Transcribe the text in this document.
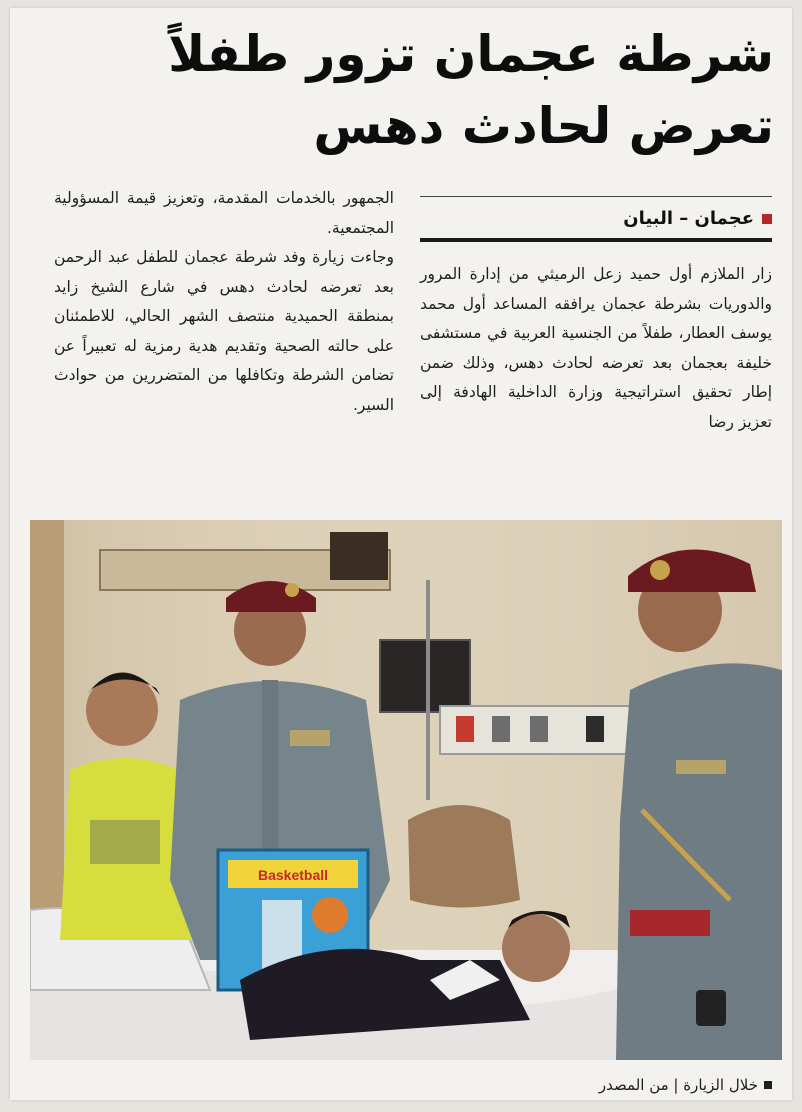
شرطة عجمان تزور طفلاً تعرض لحادث دهس
عجمان – البيان

زار الملازم أول حميد زعل الرميثي من إدارة المرور والدوريات بشرطة عجمان يرافقه المساعد أول محمد يوسف العطار، طفلاً من الجنسية العربية في مستشفى خليفة بعجمان بعد تعرضه لحادث دهس، وذلك ضمن إطار تحقيق استراتيجية وزارة الداخلية الهادفة إلى تعزيز رضا

الجمهور بالخدمات المقدمة، وتعزيز قيمة المسؤولية المجتمعية.

وجاءت زيارة وفد شرطة عجمان للطفل عبد الرحمن بعد تعرضه لحادث دهس في شارع الشيخ زايد بمنطقة الحميدية منتصف الشهر الحالي، للاطمئنان على حالته الصحية وتقديم هدية رمزية له تعبيراً عن تضامن الشرطة وتكافلها من المتضررين من حوادث السير.

Basketball
خلال الزيارة | من المصدر
